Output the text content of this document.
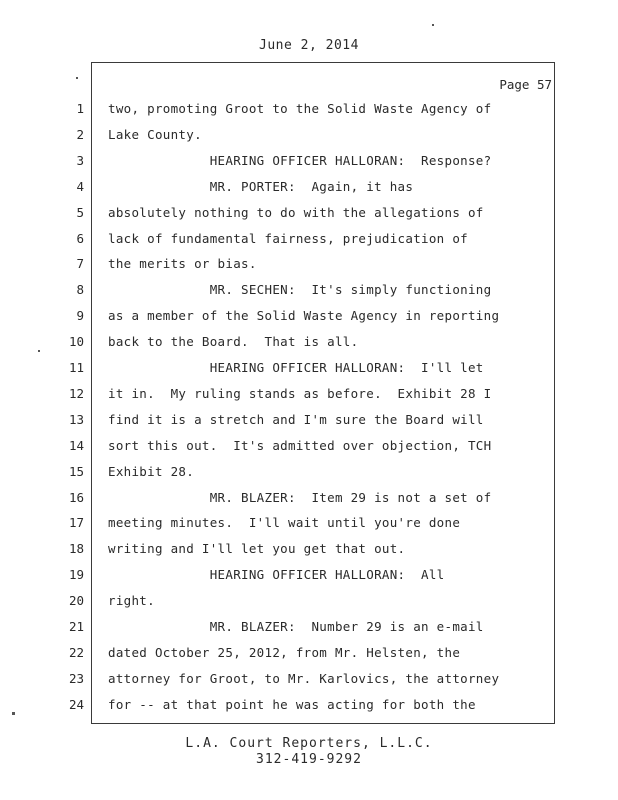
June 2, 2014
Page 57
1 two, promoting Groot to the Solid Waste Agency of
2 Lake County.
3 HEARING OFFICER HALLORAN:  Response?
4 MR. PORTER:  Again, it has
5 absolutely nothing to do with the allegations of
6 lack of fundamental fairness, prejudication of
7 the merits or bias.
8 MR. SECHEN:  It's simply functioning
9 as a member of the Solid Waste Agency in reporting
10 back to the Board.  That is all.
11 HEARING OFFICER HALLORAN:  I'll let
12 it in.  My ruling stands as before.  Exhibit 28 I
13 find it is a stretch and I'm sure the Board will
14 sort this out.  It's admitted over objection, TCH
15 Exhibit 28.
16 MR. BLAZER:  Item 29 is not a set of
17 meeting minutes.  I'll wait until you're done
18 writing and I'll let you get that out.
19 HEARING OFFICER HALLORAN:  All
20 right.
21 MR. BLAZER:  Number 29 is an e-mail
22 dated October 25, 2012, from Mr. Helsten, the
23 attorney for Groot, to Mr. Karlovics, the attorney
24 for -- at that point he was acting for both the
L.A. Court Reporters, L.L.C.
312-419-9292
